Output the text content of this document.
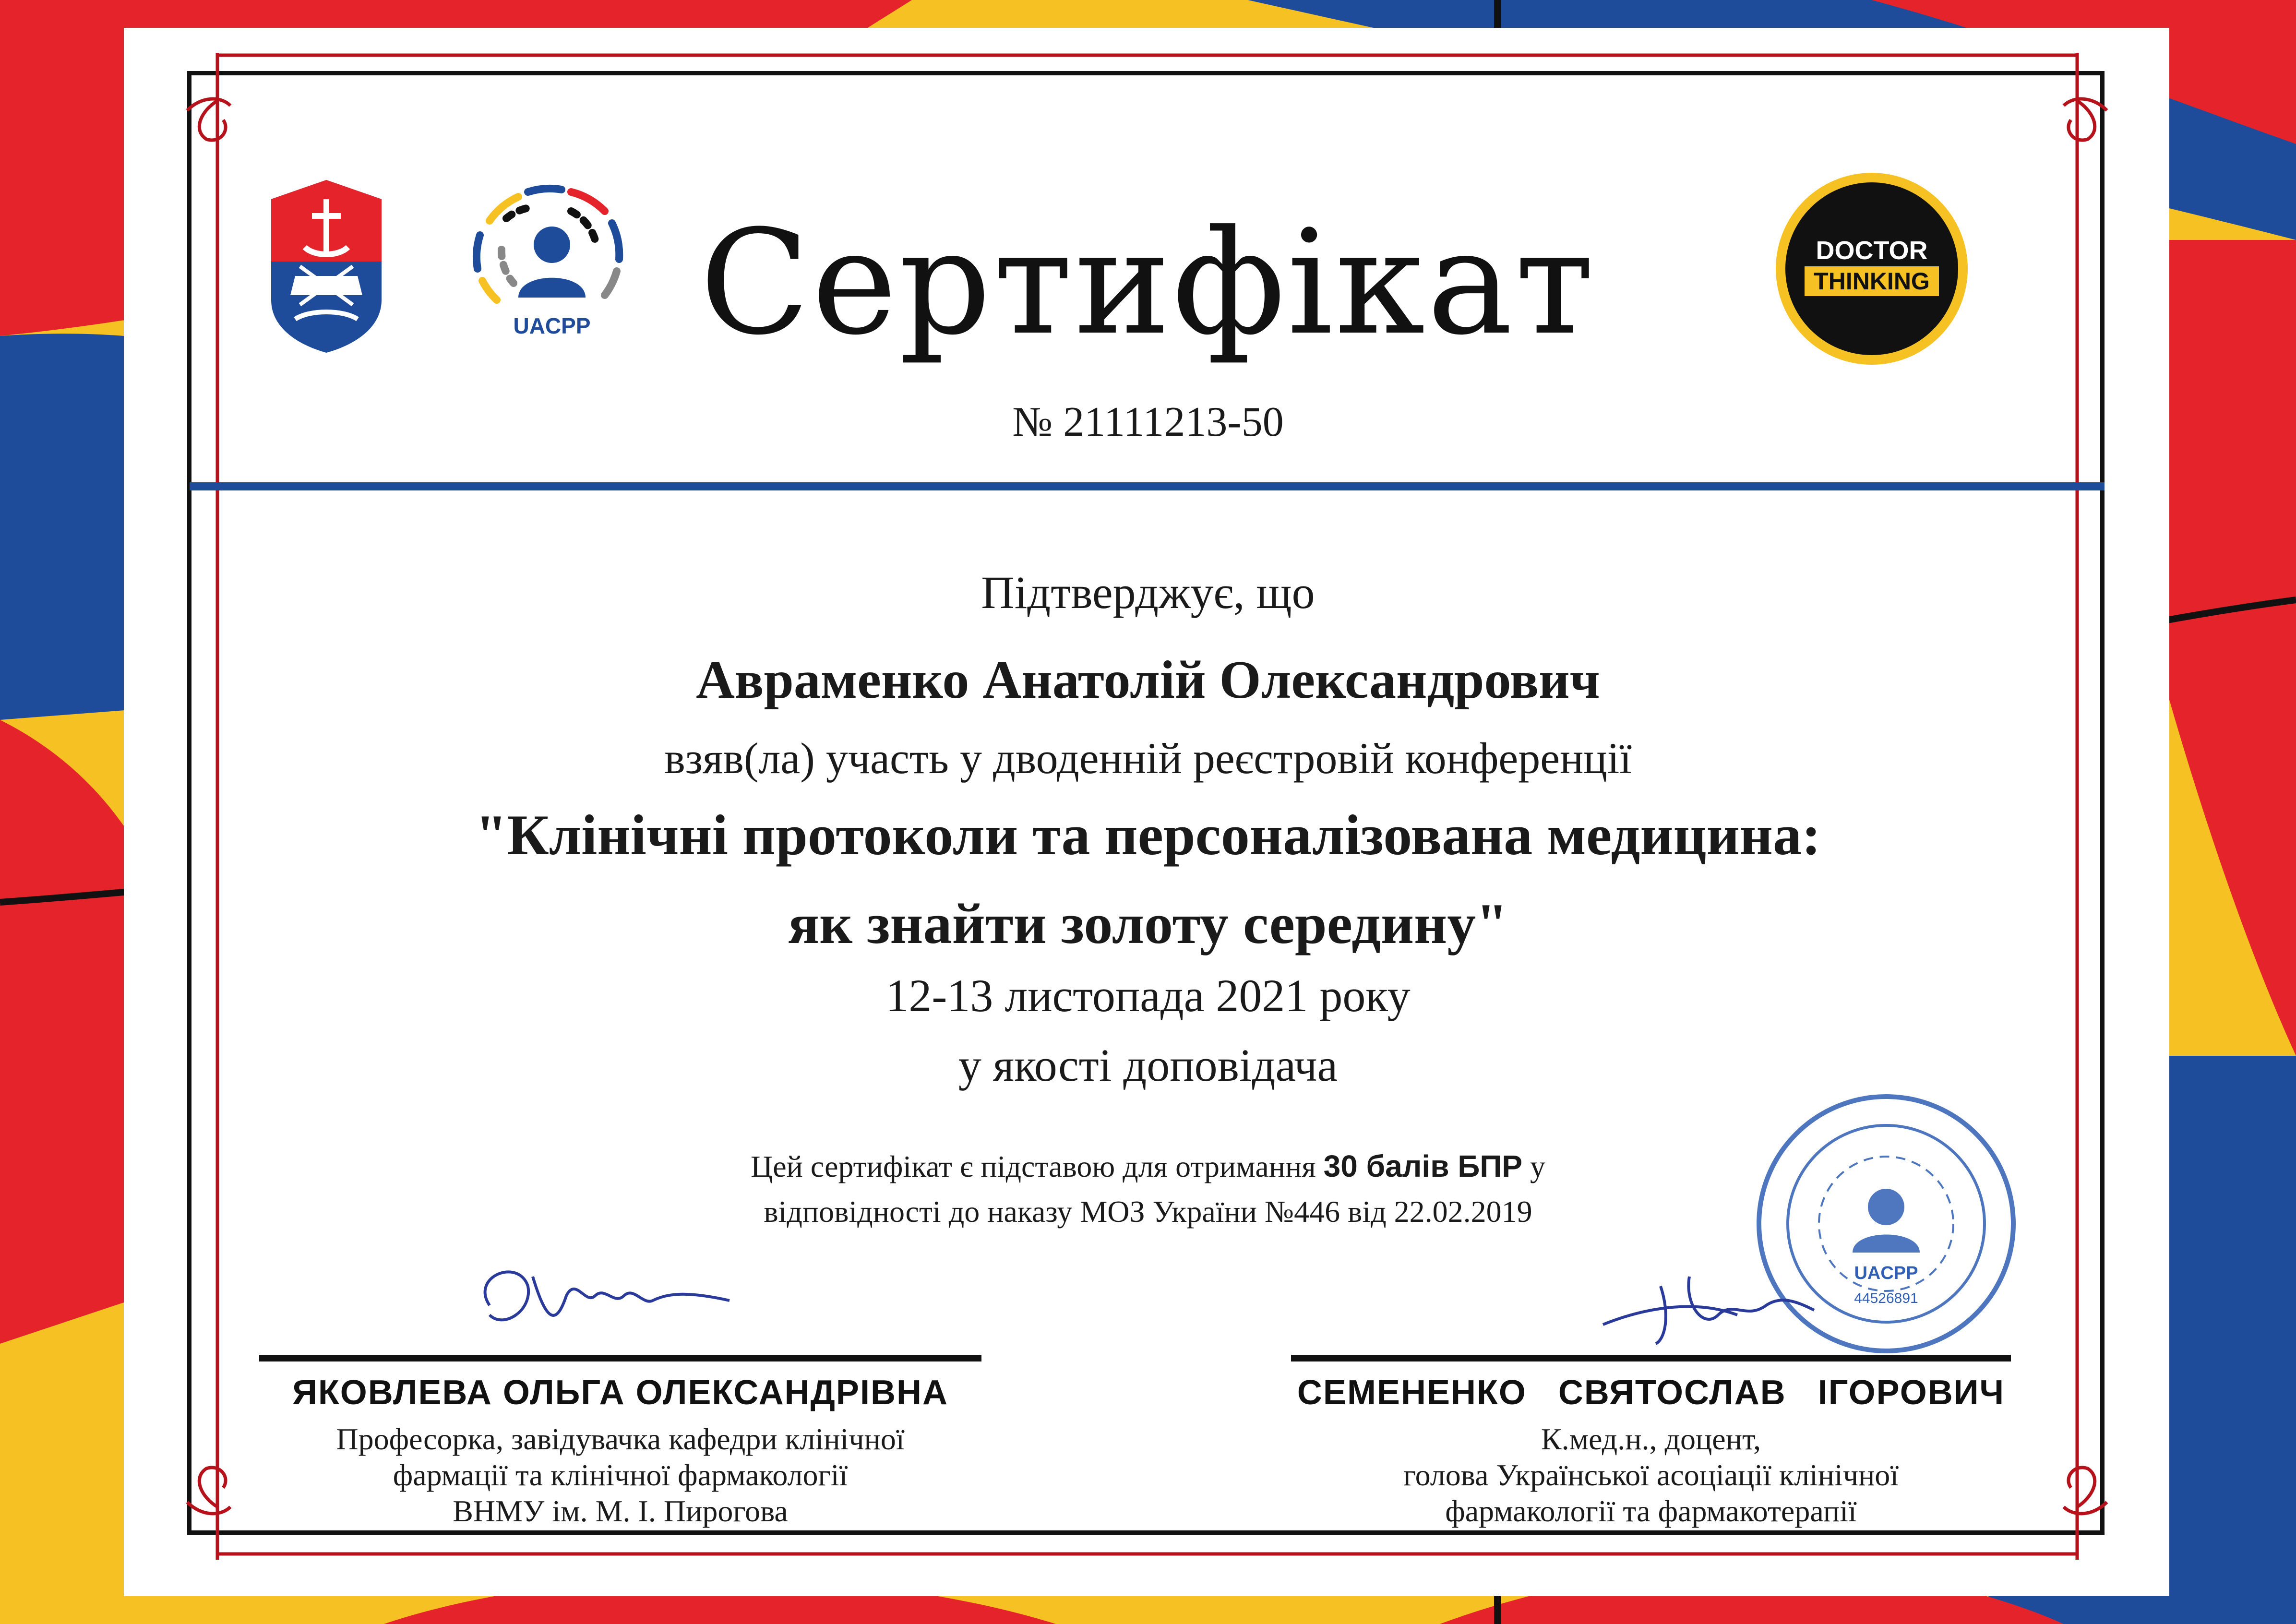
UACPP
DOCTOR
THINKING
Сертифікат
№ 21111213-50
Підтверджує, що
Авраменко Анатолій Олександрович
взяв(ла) участь у дводенній реєстровій конференції
"Клінічні протоколи та персоналізована медицина:
як знайти золоту середину"
12-13 листопада 2021 року
у якості доповідача
Цей сертифікат є підставою для отримання 30 балів БПР у
відповідності до наказу МОЗ України №446 від 22.02.2019
UACPP
44526891
ЯКОВЛЕВА ОЛЬГА ОЛЕКСАНДРІВНА
Професорка, завідувачка кафедри клінічної
фармації та клінічної фармакології
ВНМУ ім. М. І. Пирогова
СЕМЕНЕНКО   СВЯТОСЛАВ   ІГОРОВИЧ
К.мед.н., доцент,
голова Української асоціації клінічної
фармакології та фармакотерапії
